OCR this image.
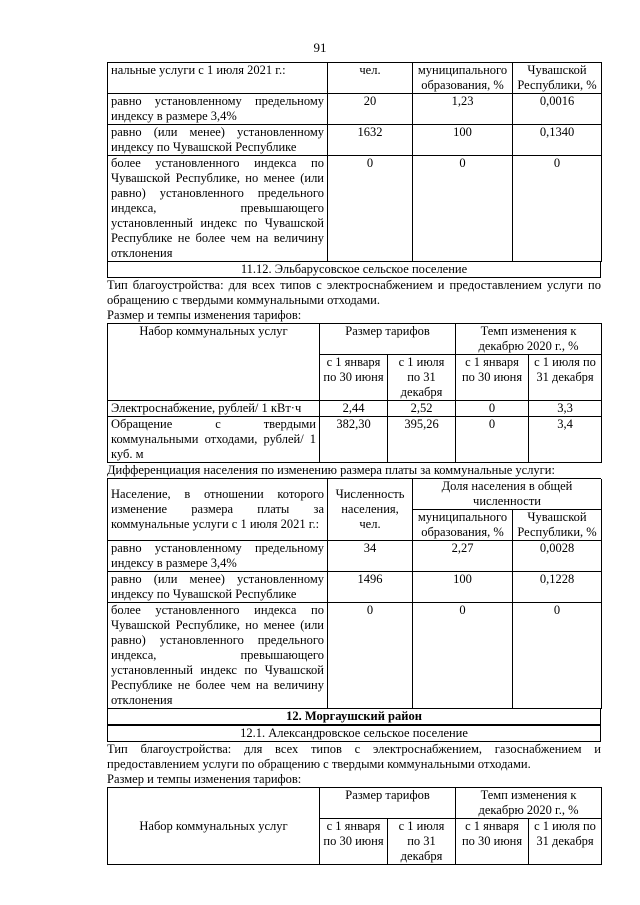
91
нальные услуги с 1 июля 2021 г.:	чел.	муниципального образования, %	Чувашской Республики, %
равно установленному предельному индексу в размере 3,4%	20	1,23	0,0016
равно (или менее) установленному индексу по Чувашской Республике	1632	100	0,1340
более установленного индекса по Чувашской Республике, но менее (или равно) установленного предельного индекса, превышающего установленный индекс по Чувашской Республике не более чем на величину отклонения	0	0	0
11.12. Эльбарусовское сельское поселение
Тип благоустройства: для всех типов с электроснабжением и предоставлением услуги по обращению с твердыми коммунальными отходами.
Размер и темпы изменения тарифов:
Набор коммунальных услуг	Размер тарифов		Темп изменения к декабрю 2020 г., %	
	с 1 января по 30 июня	с 1 июля по 31 декабря	с 1 января по 30 июня	с 1 июля по 31 декабря
Электроснабжение, рублей/ 1 кВт·ч	2,44	2,52	0	3,3
Обращение с твердыми коммунальными отходами, рублей/ 1 куб. м	382,30	395,26	0	3,4
Дифференциация населения по изменению размера платы за коммунальные услуги:
Население, в отношении которого изменение размера платы за коммунальные услуги с 1 июля 2021 г.:	Численность населения, чел.	Доля населения в общей численности	
		муниципального образования, %	Чувашской Республики, %
равно установленному предельному индексу в размере 3,4%	34	2,27	0,0028
равно (или менее) установленному индексу по Чувашской Республике	1496	100	0,1228
более установленного индекса по Чувашской Республике, но менее (или равно) установленного предельного индекса, превышающего установленный индекс по Чувашской Республике не более чем на величину отклонения	0	0	0
12. Моргаушский район
12.1. Александровское сельское поселение
Тип благоустройства: для всех типов с электроснабжением, газоснабжением и предоставлением услуги по обращению с твердыми коммунальными отходами.
Размер и темпы изменения тарифов:
Набор коммунальных услуг	Размер тарифов		Темп изменения к декабрю 2020 г., %	
	с 1 января по 30 июня	с 1 июля по 31 декабря	с 1 января по 30 июня	с 1 июля по 31 декабря
